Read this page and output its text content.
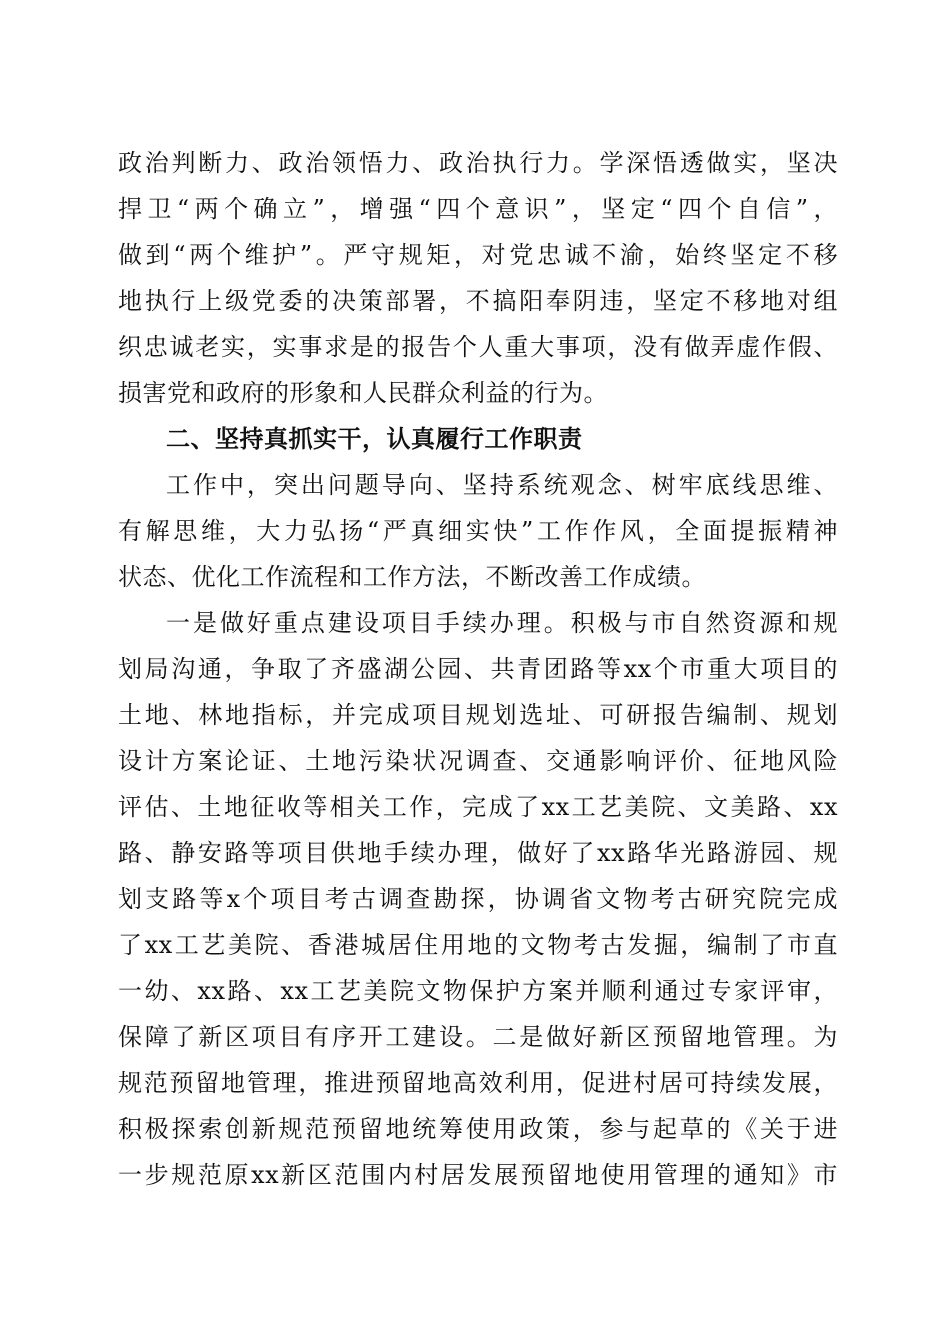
政治判断力、政治领悟力、政治执行力。学深悟透做实，坚决
捍卫“两个确立”，增强“四个意识”，坚定“四个自信”，
做到“两个维护”。严守规矩，对党忠诚不渝，始终坚定不移
地执行上级党委的决策部署，不搞阳奉阴违，坚定不移地对组
织忠诚老实，实事求是的报告个人重大事项，没有做弄虚作假、
损害党和政府的形象和人民群众利益的行为。
二、坚持真抓实干，认真履行工作职责
工作中，突出问题导向、坚持系统观念、树牢底线思维、
有解思维，大力弘扬“严真细实快”工作作风，全面提振精神
状态、优化工作流程和工作方法，不断改善工作成绩。
一是做好重点建设项目手续办理。积极与市自然资源和规
划局沟通，争取了齐盛湖公园、共青团路等xx个市重大项目的
土地、林地指标，并完成项目规划选址、可研报告编制、规划
设计方案论证、土地污染状况调查、交通影响评价、征地风险
评估、土地征收等相关工作，完成了xx工艺美院、文美路、xx
路、静安路等项目供地手续办理，做好了xx路华光路游园、规
划支路等x个项目考古调查勘探，协调省文物考古研究院完成
了xx工艺美院、香港城居住用地的文物考古发掘，编制了市直
一幼、xx路、xx工艺美院文物保护方案并顺利通过专家评审，
保障了新区项目有序开工建设。二是做好新区预留地管理。为
规范预留地管理，推进预留地高效利用，促进村居可持续发展，
积极探索创新规范预留地统筹使用政策，参与起草的《关于进
一步规范原xx新区范围内村居发展预留地使用管理的通知》市
